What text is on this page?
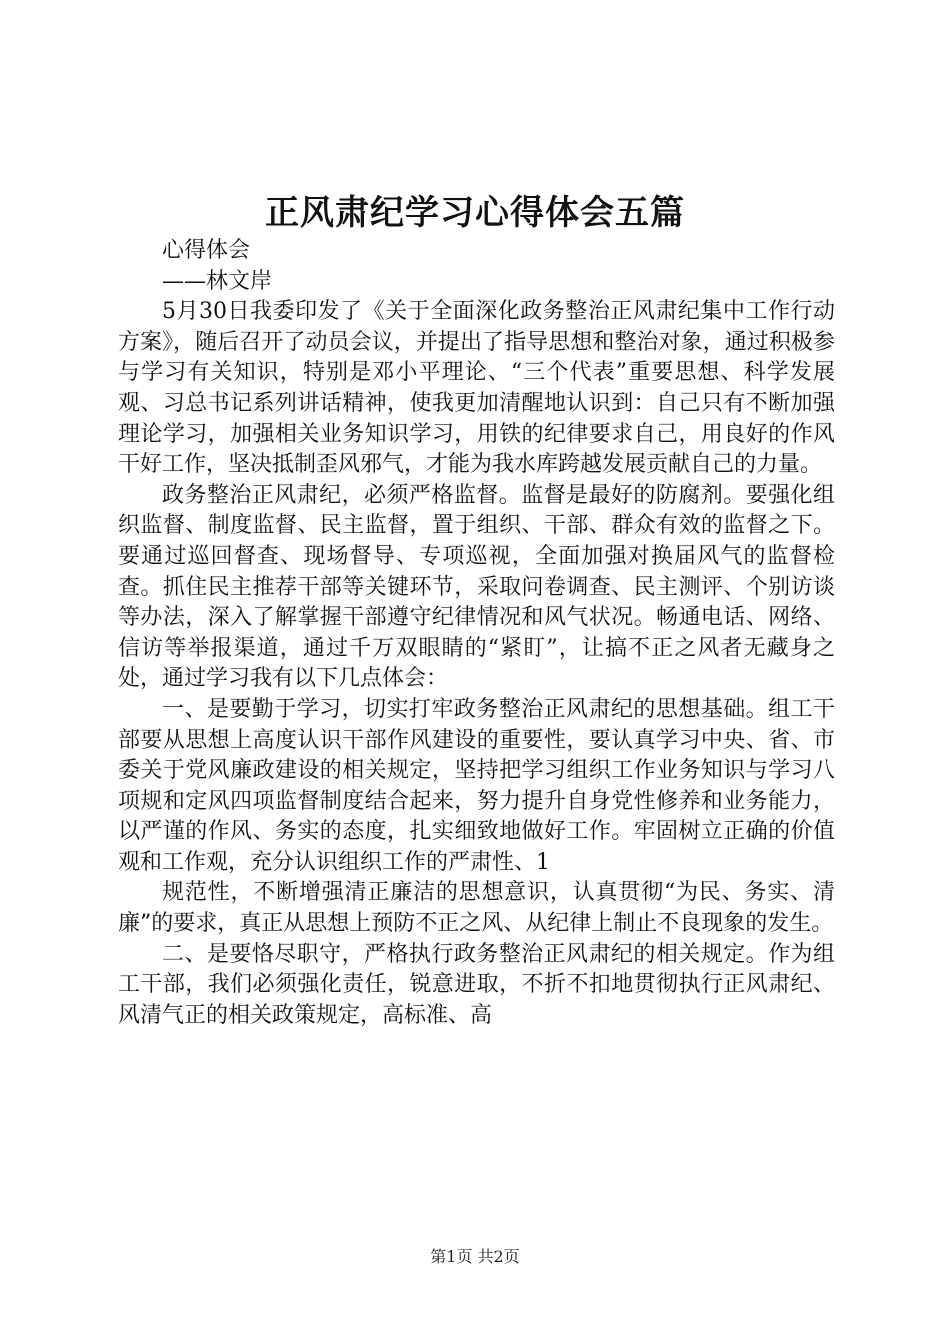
正风肃纪学习心得体会五篇

心得体会

——林文岸

5月30日我委印发了《关于全面深化政务整治正风肃纪集中工作行动方案》，随后召开了动员会议，并提出了指导思想和整治对象，通过积极参与学习有关知识，特别是邓小平理论、“三个代表”重要思想、科学发展观、习总书记系列讲话精神，使我更加清醒地认识到：自己只有不断加强理论学习，加强相关业务知识学习，用铁的纪律要求自己，用良好的作风干好工作，坚决抵制歪风邪气，才能为我水库跨越发展贡献自己的力量。

政务整治正风肃纪，必须严格监督。监督是最好的防腐剂。要强化组织监督、制度监督、民主监督，置于组织、干部、群众有效的监督之下。要通过巡回督查、现场督导、专项巡视，全面加强对换届风气的监督检查。抓住民主推荐干部等关键环节，采取问卷调查、民主测评、个别访谈等办法，深入了解掌握干部遵守纪律情况和风气状况。畅通电话、网络、信访等举报渠道，通过千万双眼睛的“紧盯”，让搞不正之风者无藏身之处，通过学习我有以下几点体会：

一、是要勤于学习，切实打牢政务整治正风肃纪的思想基础。组工干部要从思想上高度认识干部作风建设的重要性，要认真学习中央、省、市委关于党风廉政建设的相关规定，坚持把学习组织工作业务知识与学习八项规和定风四项监督制度结合起来，努力提升自身党性修养和业务能力，以严谨的作风、务实的态度，扎实细致地做好工作。牢固树立正确的价值观和工作观，充分认识组织工作的严肃性、1

规范性，不断增强清正廉洁的思想意识，认真贯彻“为民、务实、清廉”的要求，真正从思想上预防不正之风、从纪律上制止不良现象的发生。

二、是要恪尽职守，严格执行政务整治正风肃纪的相关规定。作为组工干部，我们必须强化责任，锐意进取，不折不扣地贯彻执行正风肃纪、风清气正的相关政策规定，高标准、高

第1页 共2页
